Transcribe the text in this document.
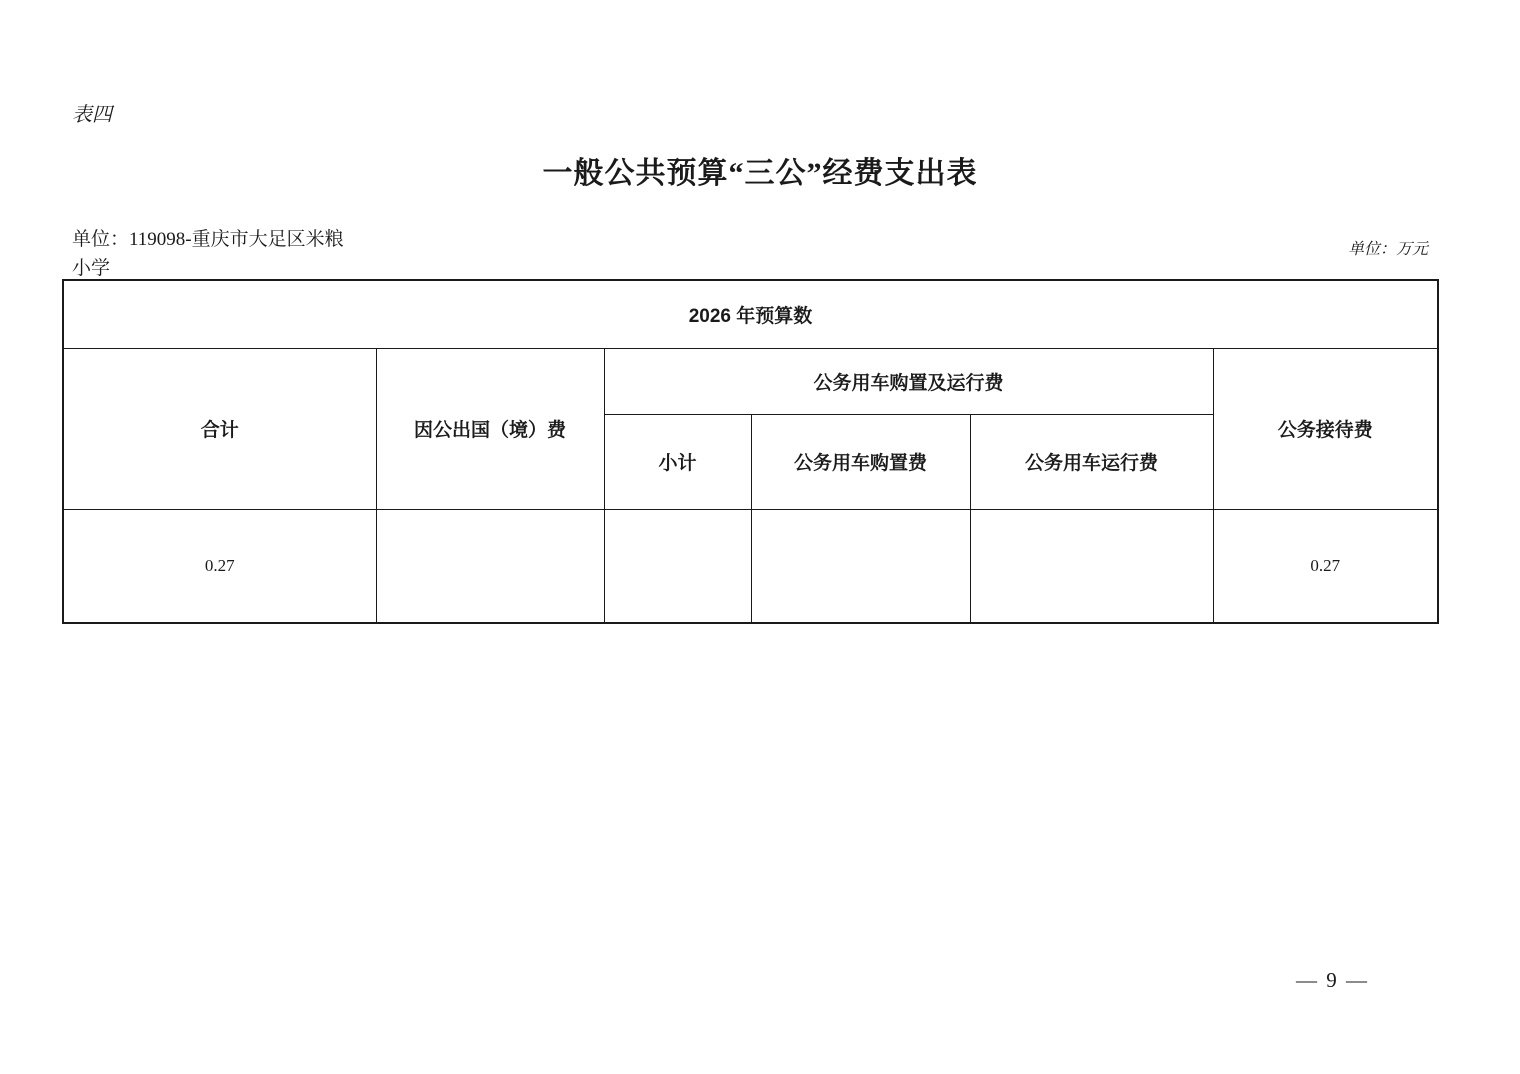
表四
一般公共预算“三公”经费支出表
单位：119098-重庆市大足区米粮
小学
单位：万元
2026 年预算数					
合计	因公出国（境）费	公务用车购置及运行费			公务接待费
		小计	公务用车购置费	公务用车运行费	
0.27					0.27
— 9 —
